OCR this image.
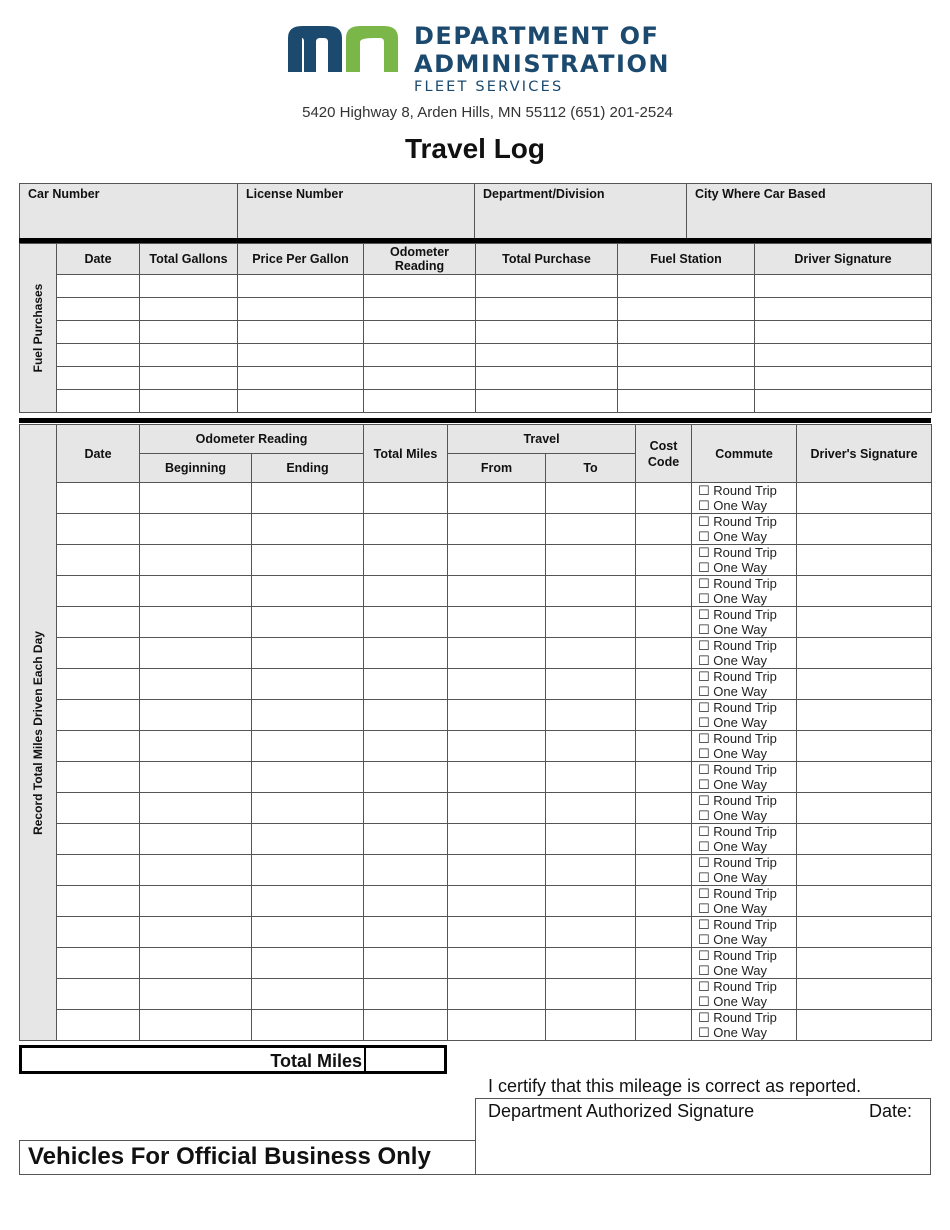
DEPARTMENT OF
ADMINISTRATION
FLEET SERVICES
5420 Highway 8, Arden Hills, MN 55112 (651) 201-2524
Travel Log
Car Number	License Number	Department/Division	City Where Car Based
Fuel Purchases	Date	Total Gallons	Price Per Gallon	Odometer Reading	Total Purchase	Fuel Station	Driver Signature

Record Total Miles Driven Each Day	Date	Odometer Reading		Total Miles	Travel		Cost Code	Commute	Driver's Signature
		Beginning	Ending		From	To			

								☐ Round Trip
☐ One Way	

								☐ Round Trip
☐ One Way	

								☐ Round Trip
☐ One Way	

								☐ Round Trip
☐ One Way	

								☐ Round Trip
☐ One Way	

								☐ Round Trip
☐ One Way	

								☐ Round Trip
☐ One Way	

								☐ Round Trip
☐ One Way	

								☐ Round Trip
☐ One Way	

								☐ Round Trip
☐ One Way	

								☐ Round Trip
☐ One Way	

								☐ Round Trip
☐ One Way	

								☐ Round Trip
☐ One Way	

								☐ Round Trip
☐ One Way	

								☐ Round Trip
☐ One Way	

								☐ Round Trip
☐ One Way	

								☐ Round Trip
☐ One Way	

								☐ Round Trip
☐ One Way	

Total Miles
I certify that this mileage is correct as reported.
Department Authorized Signature	Date:
Vehicles For Official Business Only
